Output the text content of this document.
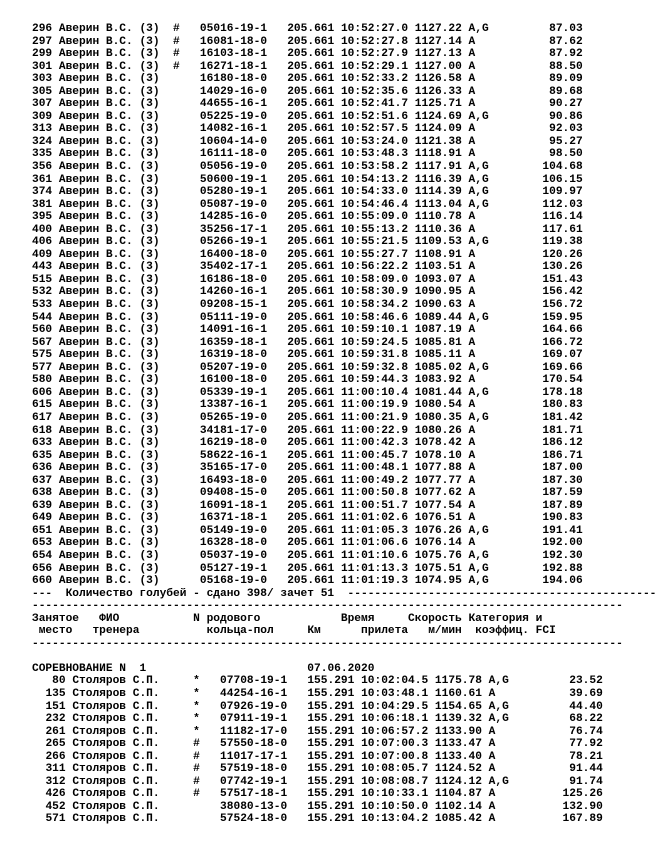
296 Аверин В.С. (3) # 05016-19-1 205.661 10:52:27.0 1127.22 A,G	87.03
297 Аверин В.С. (3) # 16081-18-0 205.661 10:52:27.8 1127.14 A	87.62
299 Аверин В.С. (3) # 16103-18-1 205.661 10:52:27.9 1127.13 A	87.92
301 Аверин В.С. (3) # 16271-18-1 205.661 10:52:29.1 1127.00 A	88.50
303 Аверин В.С. (3)	16180-18-0 205.661 10:52:33.2 1126.58 A	89.09
305 Аверин В.С. (3)	14029-16-0 205.661 10:52:35.6 1126.33 A	89.68
307 Аверин В.С. (3)	44655-16-1 205.661 10:52:41.7 1125.71 A	90.27
309 Аверин В.С. (3)	05225-19-0 205.661 10:52:51.6 1124.69 A,G	90.86
313 Аверин В.С. (3)	14082-16-1 205.661 10:52:57.5 1124.09 A	92.03
324 Аверин В.С. (3)	10604-14-0 205.661 10:53:24.0 1121.38 A	95.27
335 Аверин В.С. (3)	16111-18-0 205.661 10:53:48.3 1118.91 A	98.50
356 Аверин В.С. (3)	05056-19-0 205.661 10:53:58.2 1117.91 A,G	104.68
361 Аверин В.С. (3)	50600-19-1 205.661 10:54:13.2 1116.39 A,G	106.15
374 Аверин В.С. (3)	05280-19-1 205.661 10:54:33.0 1114.39 A,G	109.97
381 Аверин В.С. (3)	05087-19-0 205.661 10:54:46.4 1113.04 A,G	112.03
395 Аверин В.С. (3)	14285-16-0 205.661 10:55:09.0 1110.78 A	116.14
400 Аверин В.С. (3)	35256-17-1 205.661 10:55:13.2 1110.36 A	117.61
406 Аверин В.С. (3)	05266-19-1 205.661 10:55:21.5 1109.53 A,G	119.38
409 Аверин В.С. (3)	16400-18-0 205.661 10:55:27.7 1108.91 A	120.26
443 Аверин В.С. (3)	35402-17-1 205.661 10:56:22.2 1103.51 A	130.26
515 Аверин В.С. (3)	16186-18-0 205.661 10:58:09.0 1093.07 A	151.43
532 Аверин В.С. (3)	14260-16-1 205.661 10:58:30.9 1090.95 A	156.42
533 Аверин В.С. (3)	09208-15-1 205.661 10:58:34.2 1090.63 A	156.72
544 Аверин В.С. (3)	05111-19-0 205.661 10:58:46.6 1089.44 A,G	159.95
560 Аверин В.С. (3)	14091-16-1 205.661 10:59:10.1 1087.19 A	164.66
567 Аверин В.С. (3)	16359-18-1 205.661 10:59:24.5 1085.81 A	166.72
575 Аверин В.С. (3)	16319-18-0 205.661 10:59:31.8 1085.11 A	169.07
577 Аверин В.С. (3)	05207-19-0 205.661 10:59:32.8 1085.02 A,G	169.66
580 Аверин В.С. (3)	16100-18-0 205.661 10:59:44.3 1083.92 A	170.54
606 Аверин В.С. (3)	05339-19-1 205.661 11:00:10.4 1081.44 A,G	178.18
615 Аверин В.С. (3)	13387-16-1 205.661 11:00:19.9 1080.54 A	180.83
617 Аверин В.С. (3)	05265-19-0 205.661 11:00:21.9 1080.35 A,G	181.42
618 Аверин В.С. (3)	34181-17-0 205.661 11:00:22.9 1080.26 A	181.71
633 Аверин В.С. (3)	16219-18-0 205.661 11:00:42.3 1078.42 A	186.12
635 Аверин В.С. (3)	58622-16-1 205.661 11:00:45.7 1078.10 A	186.71
636 Аверин В.С. (3)	35165-17-0 205.661 11:00:48.1 1077.88 A	187.00
637 Аверин В.С. (3)	16493-18-0 205.661 11:00:49.2 1077.77 A	187.30
638 Аверин В.С. (3)	09408-15-0 205.661 11:00:50.8 1077.62 A	187.59
639 Аверин В.С. (3)	16091-18-1 205.661 11:00:51.7 1077.54 A	187.89
649 Аверин В.С. (3)	16371-18-1 205.661 11:01:02.6 1076.51 A	190.83
651 Аверин В.С. (3)	05149-19-0 205.661 11:01:05.3 1076.26 A,G	191.41
653 Аверин В.С. (3)	16328-18-0 205.661 11:01:06.6 1076.14 A	192.00
654 Аверин В.С. (3)	05037-19-0 205.661 11:01:10.6 1075.76 A,G	192.30
656 Аверин В.С. (3)	05127-19-1 205.661 11:01:13.3 1075.51 A,G	192.88
660 Аверин В.С. (3)	05168-19-0 205.661 11:01:19.3 1074.95 A,G	194.06
---  Количество голубей - сдано 398/ зачет 51  ----------------------------------------------
----------------------------------------------------------------------------------------
Занятое   ФИО	N родового	Время	Скорость Категория и
место тренера	кольца-пол	Км	прилета м/мин коэффиц. FCI
----------------------------------------------------------------------------------------
СОРЕВНОВАНИЕ N 1	07.06.2020
80 Столяров С.П.	* 07708-19-1 155.291 10:02:04.5 1175.78 A,G	23.52
135 Столяров С.П.	* 44254-16-1 155.291 10:03:48.1 1160.61 A	39.69
151 Столяров С.П.	* 07926-19-0 155.291 10:04:29.5 1154.65 A,G	44.40
232 Столяров С.П.	* 07911-19-1 155.291 10:06:18.1 1139.32 A,G	68.22
261 Столяров С.П.	* 11182-17-0 155.291 10:06:57.2 1133.90 A	76.74
265 Столяров С.П.	# 57550-18-0 155.291 10:07:00.3 1133.47 A	77.92
266 Столяров С.П.	# 11017-17-1 155.291 10:07:00.8 1133.40 A	78.21
311 Столяров С.П.	# 57519-18-0 155.291 10:08:05.7 1124.52 A	91.44
312 Столяров С.П.	# 07742-19-1 155.291 10:08:08.7 1124.12 A,G	91.74
426 Столяров С.П.	# 57517-18-1 155.291 10:10:33.1 1104.87 A	125.26
452 Столяров С.П.	38080-13-0 155.291 10:10:50.0 1102.14 A	132.90
571 Столяров С.П.	57524-18-0 155.291 10:13:04.2 1085.42 A	167.89
